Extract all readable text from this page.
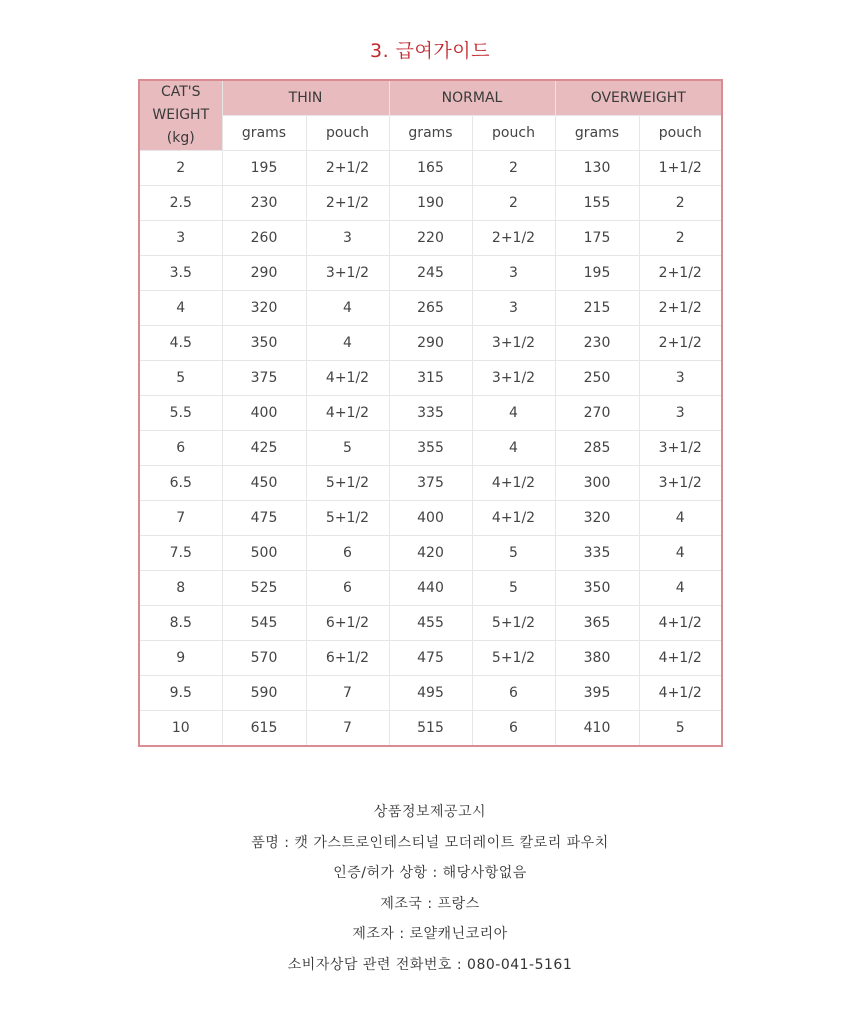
3. 급여가이드
CAT'S
WEIGHT
(kg)	THIN		NORMAL		OVERWEIGHT	
	grams	pouch	grams	pouch	grams	pouch
2	195	2+1/2	165	2	130	1+1/2
2.5	230	2+1/2	190	2	155	2
3	260	3	220	2+1/2	175	2
3.5	290	3+1/2	245	3	195	2+1/2
4	320	4	265	3	215	2+1/2
4.5	350	4	290	3+1/2	230	2+1/2
5	375	4+1/2	315	3+1/2	250	3
5.5	400	4+1/2	335	4	270	3
6	425	5	355	4	285	3+1/2
6.5	450	5+1/2	375	4+1/2	300	3+1/2
7	475	5+1/2	400	4+1/2	320	4
7.5	500	6	420	5	335	4
8	525	6	440	5	350	4
8.5	545	6+1/2	455	5+1/2	365	4+1/2
9	570	6+1/2	475	5+1/2	380	4+1/2
9.5	590	7	495	6	395	4+1/2
10	615	7	515	6	410	5
상품정보제공고시
품명 : 캣 가스트로인테스티널 모더레이트 칼로리 파우치
인증/허가 상항 : 해당사항없음
제조국 : 프랑스
제조자 : 로얄캐닌코리아
소비자상담 관련 전화번호 : 080-041-5161
